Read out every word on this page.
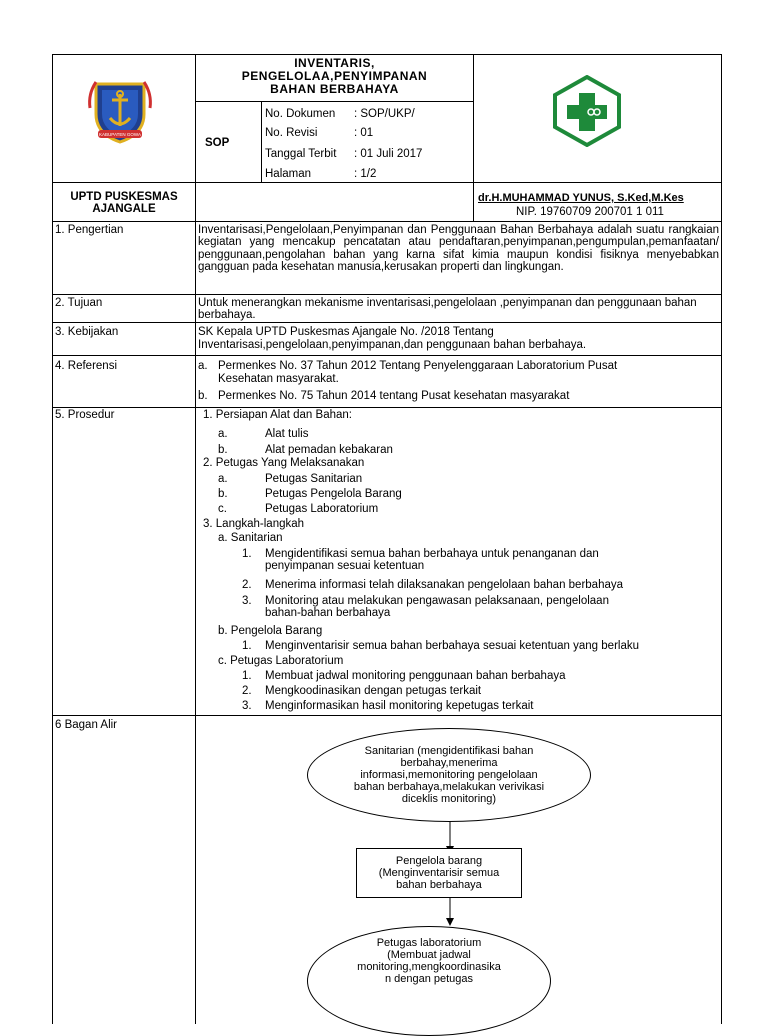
KABUPATEN GOWA
INVENTARIS,
PENGELOLAA,PENYIMPANAN
BAHAN BERBAHAYA
SOP
No. Dokumen : SOP/UKP/
No. Revisi	: 01
Tanggal Terbit : 01 Juli 2017
Halaman	: 1/2
UPTD PUSKESMAS AJANGALE
dr.H.MUHAMMAD YUNUS, S.Ked,M.Kes
NIP. 19760709 200701 1 011
1. Pengertian	Inventarisasi,Pengelolaan,Penyimpanan dan Penggunaan Bahan Berbahaya adalah suatu rangkaian kegiatan yang mencakup pencatatan atau pendaftaran,penyimpanan,pengumpulan,pemanfaatan/ penggunaan,pengolahan bahan yang karna sifat kimia maupun kondisi fisiknya menyebabkan gangguan pada kesehatan manusia,kerusakan properti dan lingkungan.
2. Tujuan	Untuk menerangkan mekanisme inventarisasi,pengelolaan ,penyimpanan dan penggunaan bahan berbahaya.
3. Kebijakan	SK Kepala UPTD Puskesmas Ajangale No. /2018 Tentang
Inventarisasi,pengelolaan,penyimpanan,dan penggunaan bahan berbahaya.
4. Referensi	a. Permenkes No. 37 Tahun 2012 Tentang Penyelenggaraan Laboratorium Pusat
Kesehatan masyarakat.
b. Permenkes No. 75 Tahun 2014 tentang Pusat kesehatan masyarakat
5. Prosedur	1. Persiapan Alat dan Bahan:
a.	Alat tulis
b.	Alat pemadan kebakaran
2. Petugas Yang Melaksanakan
a.	Petugas Sanitarian
b.	Petugas Pengelola Barang
c.	Petugas Laboratorium
3. Langkah-langkah
a. Sanitarian
1. Mengidentifikasi semua bahan berbahaya untuk penanganan dan
penyimpanan sesuai ketentuan
2. Menerima informasi telah dilaksanakan pengelolaan bahan berbahaya
3. Monitoring atau melakukan pengawasan pelaksanaan, pengelolaan
bahan-bahan berbahaya
b. Pengelola Barang
1. Menginventarisir semua bahan berbahaya sesuai ketentuan yang berlaku
c. Petugas Laboratorium
1. Membuat jadwal monitoring penggunaan bahan berbahaya
2. Mengkoodinasikan dengan petugas terkait
3. Menginformasikan hasil monitoring kepetugas terkait
6 Bagan Alir
Sanitarian (mengidentifikasi bahan berbahay,menerima informasi,memonitoring pengelolaan bahan berbahaya,melakukan verivikasi diceklis monitoring)
Pengelola barang (Menginventarisir semua bahan berbahaya
Petugas laboratorium (Membuat jadwal monitoring,mengkoordinasika n dengan petugas
